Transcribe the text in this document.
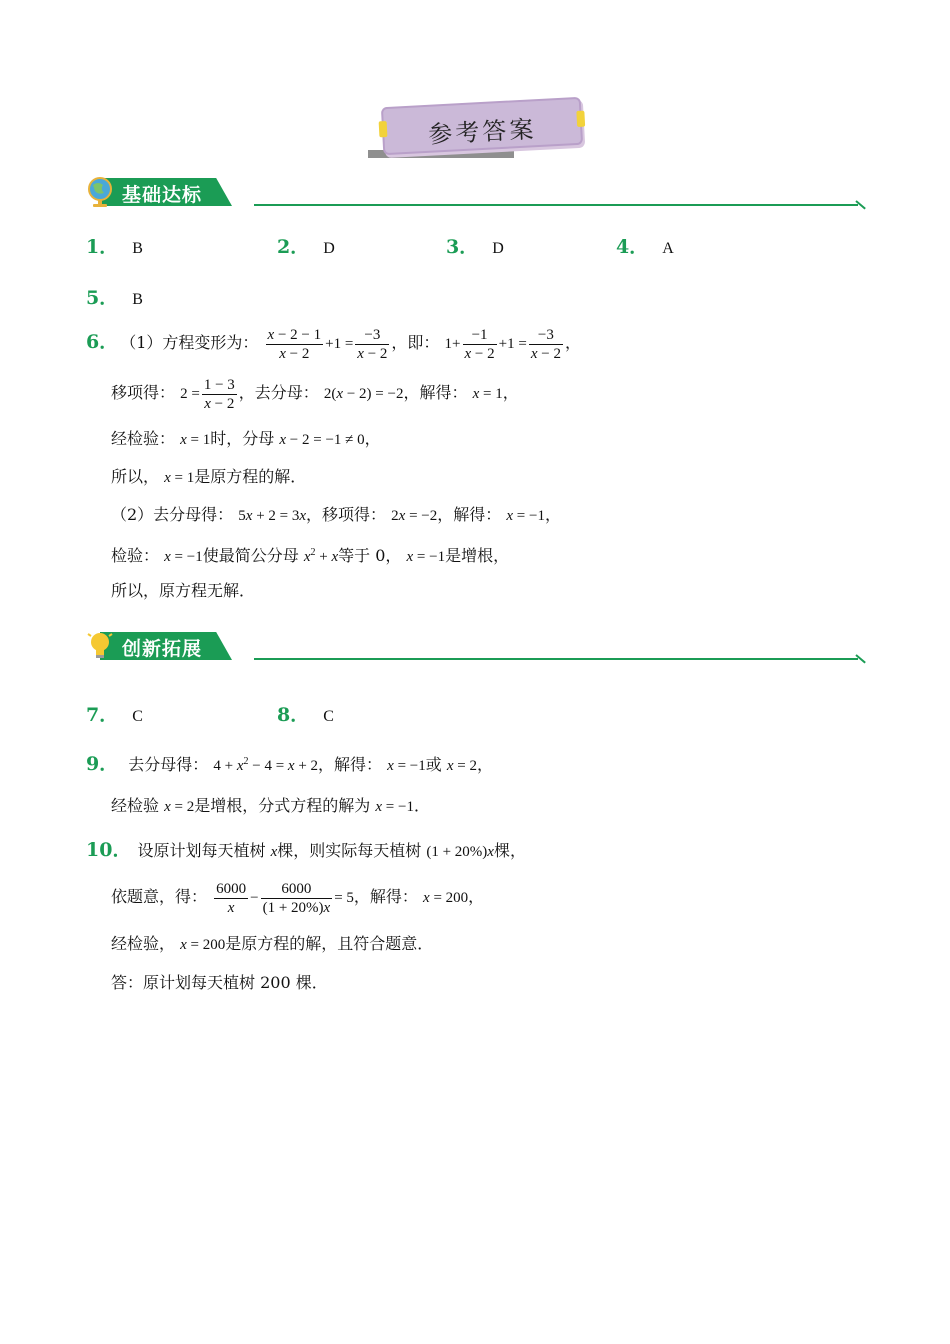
参考答案
基础达标
1． B	2． D	3． D	4． A
5． B
6． （1）方程变形为： $\frac{x - 2 - 1}{x - 2} +1 = \frac{-3}{x - 2}$ ，即： $1+ \frac{-1}{x - 2} +1 = \frac{-3}{x - 2}$ ，
移项得： $2 = \frac{1 - 3}{x - 2}$ ，去分母： 2(x − 2) = −2，解得： x = 1，
经检验： x = 1时，分母 x − 2 = −1 ≠ 0，
所以， x = 1是原方程的解．
（2）去分母得： 5x + 2 = 3x，移项得： 2x = −2，解得： x = −1，
检验： x = −1使最简公分母 $x^2 + x$等于 0， x = −1是增根，
所以，原方程无解．
创新拓展
7． C	8． C
9． 去分母得： $4 + x^2 - 4 = x + 2$，解得： x = −1或 x = 2，
经检验 x = 2是增根，分式方程的解为 x = −1．
10． 设原计划每天植树 x棵，则实际每天植树 (1 + 20%)x棵，
依题意，得： $\frac{6000}{x} - \frac{6000}{(1 + 20\%)x} = 5$，解得： x = 200，
经检验， x = 200是原方程的解，且符合题意．
答：原计划每天植树 200 棵．
